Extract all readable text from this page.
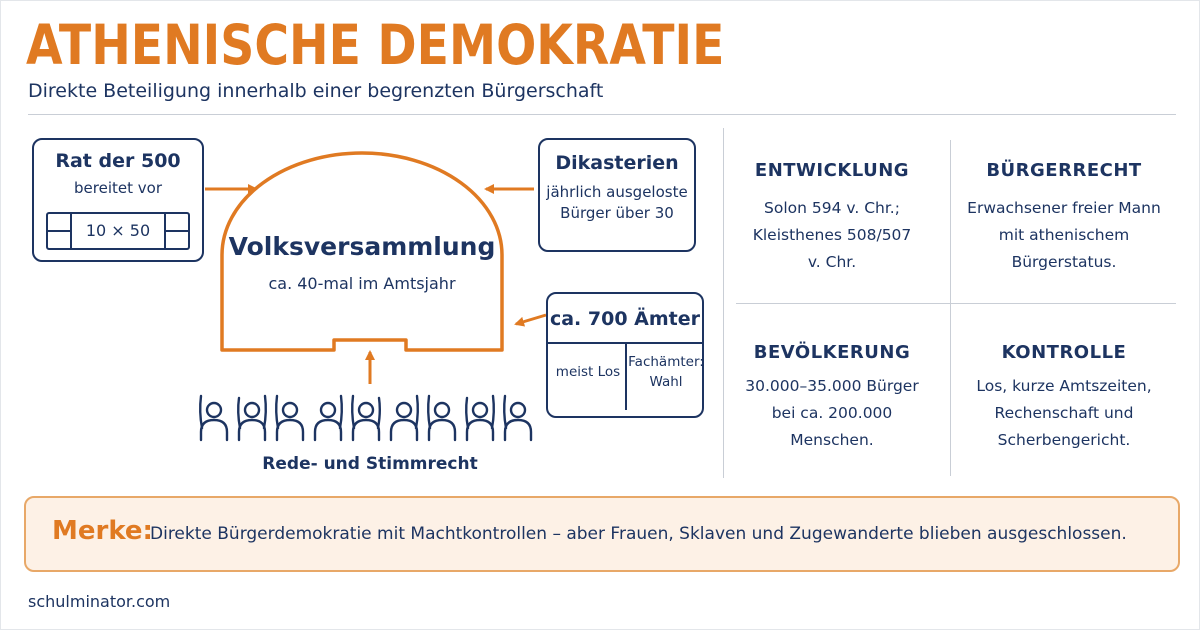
ATHENISCHE DEMOKRATIE
Direkte Beteiligung innerhalb einer begrenzten Bürgerschaft
Rat der 500
bereitet vor
10 × 50
Dikasterien
jährlich ausgeloste
Bürger über 30
ca. 700 Ämter
meist Los
Fachämter:
Wahl
Volksversammlung
ca. 40-mal im Amtsjahr
Rede- und Stimmrecht
ENTWICKLUNG
Solon 594 v. Chr.;
Kleisthenes 508/507
v. Chr.
BÜRGERRECHT
Erwachsener freier Mann
mit athenischem
Bürgerstatus.
BEVÖLKERUNG
30.000–35.000 Bürger
bei ca. 200.000
Menschen.
KONTROLLE
Los, kurze Amtszeiten,
Rechenschaft und
Scherbengericht.
Merke:
Direkte Bürgerdemokratie mit Machtkontrollen – aber Frauen, Sklaven und Zugewanderte blieben ausgeschlossen.
schulminator.com
